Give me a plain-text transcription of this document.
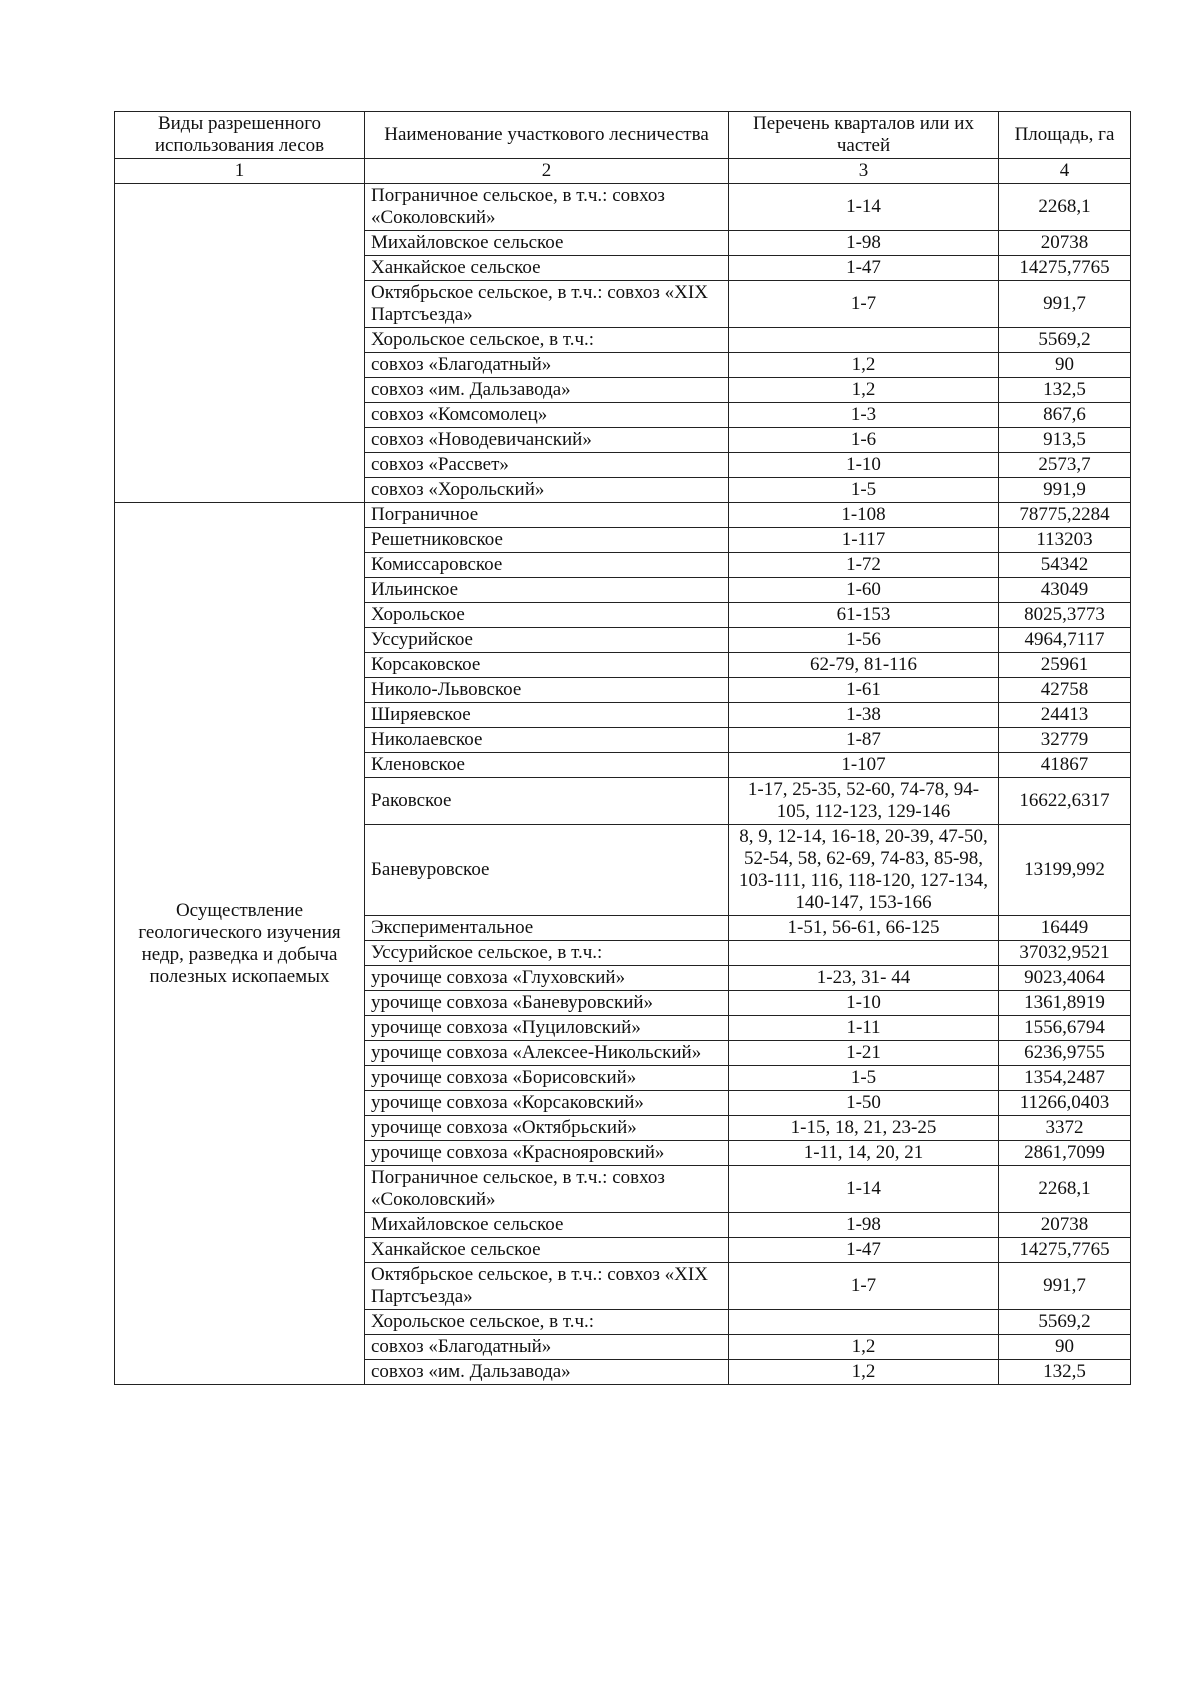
Виды разрешенного использования лесов	Наименование участкового лесничества	Перечень кварталов или их частей	Площадь, га
1	2	3	4
	Пограничное сельское, в т.ч.: совхоз «Соколовский»	1-14	2268,1
	Михайловское сельское	1-98	20738
	Ханкайское сельское	1-47	14275,7765
	Октябрьское сельское, в т.ч.: совхоз «XIX Партсъезда»	1-7	991,7
	Хорольское сельское, в т.ч.:		5569,2
	совхоз «Благодатный»	1,2	90
	совхоз «им. Дальзавода»	1,2	132,5
	совхоз «Комсомолец»	1-3	867,6
	совхоз «Новодевичанский»	1-6	913,5
	совхоз «Рассвет»	1-10	2573,7
	совхоз «Хорольский»	1-5	991,9
Осуществление геологического изучения недр, разведка и добыча полезных ископаемых	Пограничное	1-108	78775,2284
	Решетниковское	1-117	113203
	Комиссаровское	1-72	54342
	Ильинское	1-60	43049
	Хорольское	61-153	8025,3773
	Уссурийское	1-56	4964,7117
	Корсаковское	62-79, 81-116	25961
	Николо-Львовское	1-61	42758
	Ширяевское	1-38	24413
	Николаевское	1-87	32779
	Кленовское	1-107	41867
	Раковское	1-17, 25-35, 52-60, 74-78, 94-105, 112-123, 129-146	16622,6317
	Баневуровское	8, 9, 12-14, 16-18, 20-39, 47-50, 52-54, 58, 62-69, 74-83, 85-98, 103-111, 116, 118-120, 127-134, 140-147, 153-166	13199,992
	Экспериментальное	1-51, 56-61, 66-125	16449
	Уссурийское сельское, в т.ч.:		37032,9521
	урочище совхоза «Глуховский»	1-23, 31- 44	9023,4064
	урочище совхоза «Баневуровский»	1-10	1361,8919
	урочище совхоза «Пуциловский»	1-11	1556,6794
	урочище совхоза «Алексее-Никольский»	1-21	6236,9755
	урочище совхоза «Борисовский»	1-5	1354,2487
	урочище совхоза «Корсаковский»	1-50	11266,0403
	урочище совхоза «Октябрьский»	1-15, 18, 21, 23-25	3372
	урочище совхоза «Краснояровский»	1-11, 14, 20, 21	2861,7099
	Пограничное сельское, в т.ч.: совхоз «Соколовский»	1-14	2268,1
	Михайловское сельское	1-98	20738
	Ханкайское сельское	1-47	14275,7765
	Октябрьское сельское, в т.ч.: совхоз «XIX Партсъезда»	1-7	991,7
	Хорольское сельское, в т.ч.:		5569,2
	совхоз «Благодатный»	1,2	90
	совхоз «им. Дальзавода»	1,2	132,5
